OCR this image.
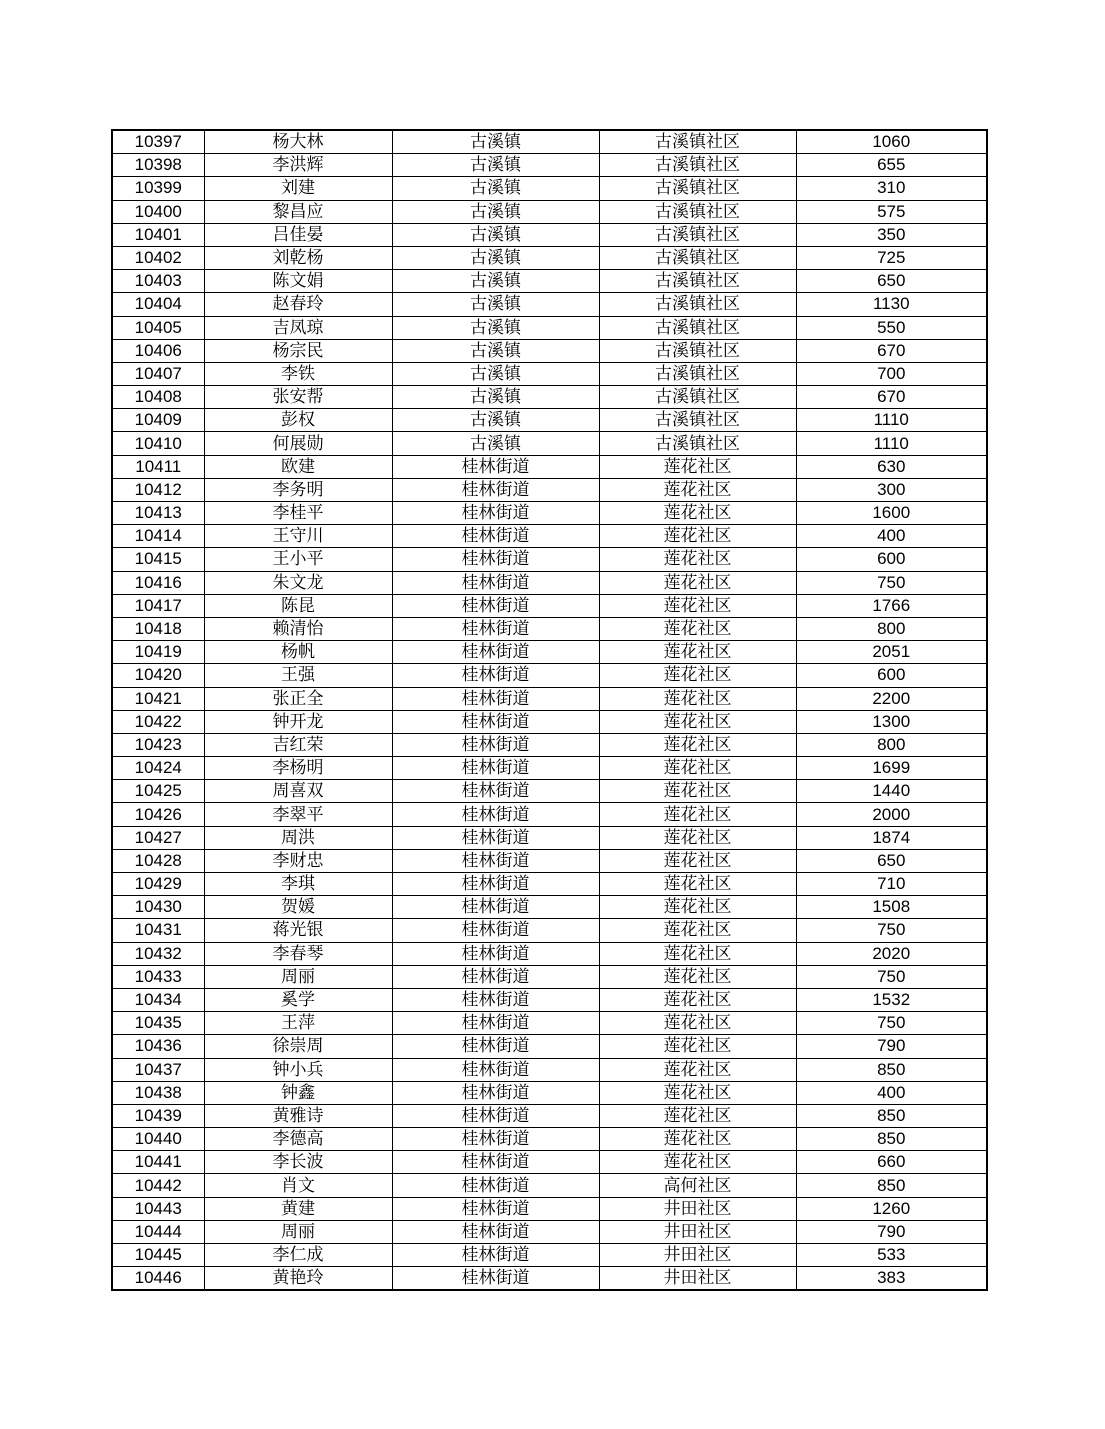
10397	杨大林	古溪镇	古溪镇社区	1060
10398	李洪辉	古溪镇	古溪镇社区	655
10399	刘建	古溪镇	古溪镇社区	310
10400	黎昌应	古溪镇	古溪镇社区	575
10401	吕佳晏	古溪镇	古溪镇社区	350
10402	刘乾杨	古溪镇	古溪镇社区	725
10403	陈文娟	古溪镇	古溪镇社区	650
10404	赵春玲	古溪镇	古溪镇社区	1130
10405	吉凤琼	古溪镇	古溪镇社区	550
10406	杨宗民	古溪镇	古溪镇社区	670
10407	李铁	古溪镇	古溪镇社区	700
10408	张安帮	古溪镇	古溪镇社区	670
10409	彭权	古溪镇	古溪镇社区	1110
10410	何展勋	古溪镇	古溪镇社区	1110
10411	欧建	桂林街道	莲花社区	630
10412	李务明	桂林街道	莲花社区	300
10413	李桂平	桂林街道	莲花社区	1600
10414	王守川	桂林街道	莲花社区	400
10415	王小平	桂林街道	莲花社区	600
10416	朱文龙	桂林街道	莲花社区	750
10417	陈昆	桂林街道	莲花社区	1766
10418	赖清怡	桂林街道	莲花社区	800
10419	杨帆	桂林街道	莲花社区	2051
10420	王强	桂林街道	莲花社区	600
10421	张正全	桂林街道	莲花社区	2200
10422	钟开龙	桂林街道	莲花社区	1300
10423	吉红荣	桂林街道	莲花社区	800
10424	李杨明	桂林街道	莲花社区	1699
10425	周喜双	桂林街道	莲花社区	1440
10426	李翠平	桂林街道	莲花社区	2000
10427	周洪	桂林街道	莲花社区	1874
10428	李财忠	桂林街道	莲花社区	650
10429	李琪	桂林街道	莲花社区	710
10430	贺媛	桂林街道	莲花社区	1508
10431	蒋光银	桂林街道	莲花社区	750
10432	李春琴	桂林街道	莲花社区	2020
10433	周丽	桂林街道	莲花社区	750
10434	奚学	桂林街道	莲花社区	1532
10435	王萍	桂林街道	莲花社区	750
10436	徐崇周	桂林街道	莲花社区	790
10437	钟小兵	桂林街道	莲花社区	850
10438	钟鑫	桂林街道	莲花社区	400
10439	黄雅诗	桂林街道	莲花社区	850
10440	李德高	桂林街道	莲花社区	850
10441	李长波	桂林街道	莲花社区	660
10442	肖文	桂林街道	高何社区	850
10443	黄建	桂林街道	井田社区	1260
10444	周丽	桂林街道	井田社区	790
10445	李仁成	桂林街道	井田社区	533
10446	黄艳玲	桂林街道	井田社区	383
